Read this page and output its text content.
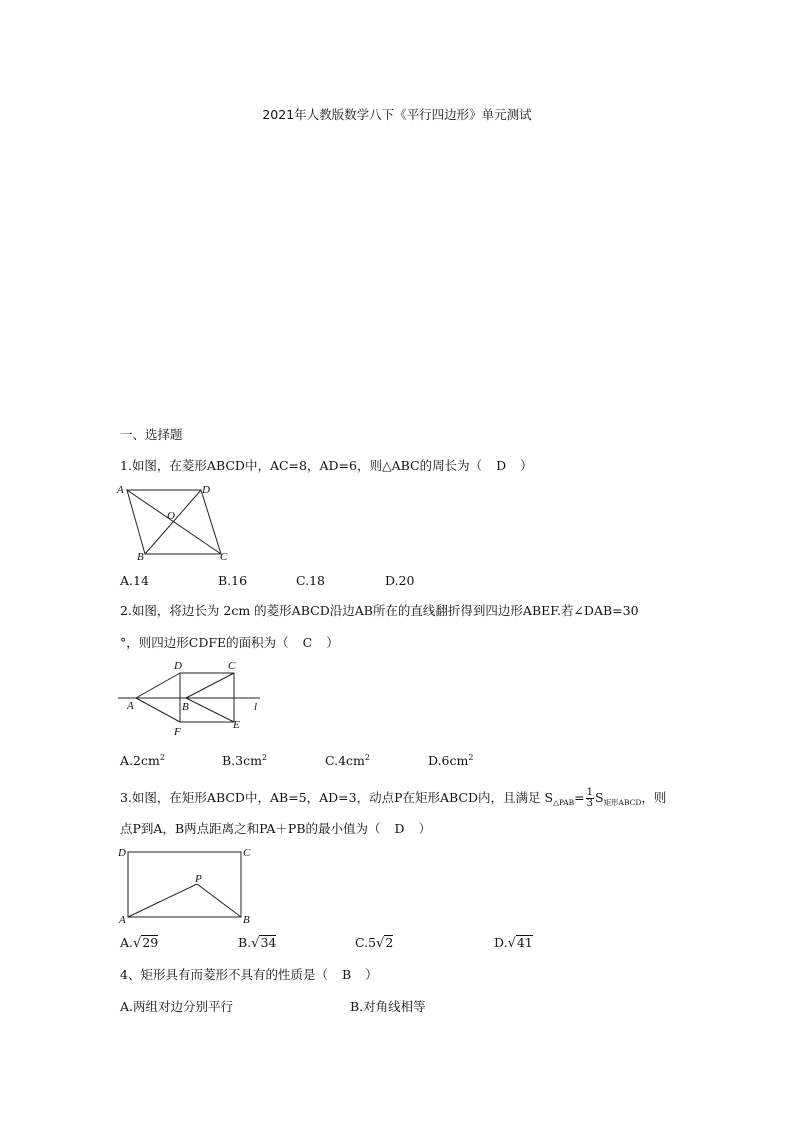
2021年人教版数学八下《平行四边形》单元测试
一、选择题
1.如图，在菱形ABCD中，AC=8，AD=6，则△ABC的周长为（ D ）
A	D
O
B	C
A.14	B.16	C.18	D.20
2.如图，将边长为 2cm 的菱形ABCD沿边AB所在的直线翻折得到四边形ABEF.若∠DAB=30
°，则四边形CDFE的面积为（ C ）
D	C
A	B	l
F
E
$A.2cm^2$	$B.3cm^2$	$C.4cm^2$	$D.6cm^2$
3.如图，在矩形ABCD中，AB=5，AD=3，动点P在矩形ABCD内，且满足 $S_{\triangle PAB}= \frac{1}{3} S_{矩形ABCD}$，则
点P到A，B两点距离之和PA＋PB的最小值为（ D ）
D	C
P
A	B
A.√29	B.√34	C.5√2	D.√41
4、矩形具有而菱形不具有的性质是（ B ）
A.两组对边分别平行	B.对角线相等
